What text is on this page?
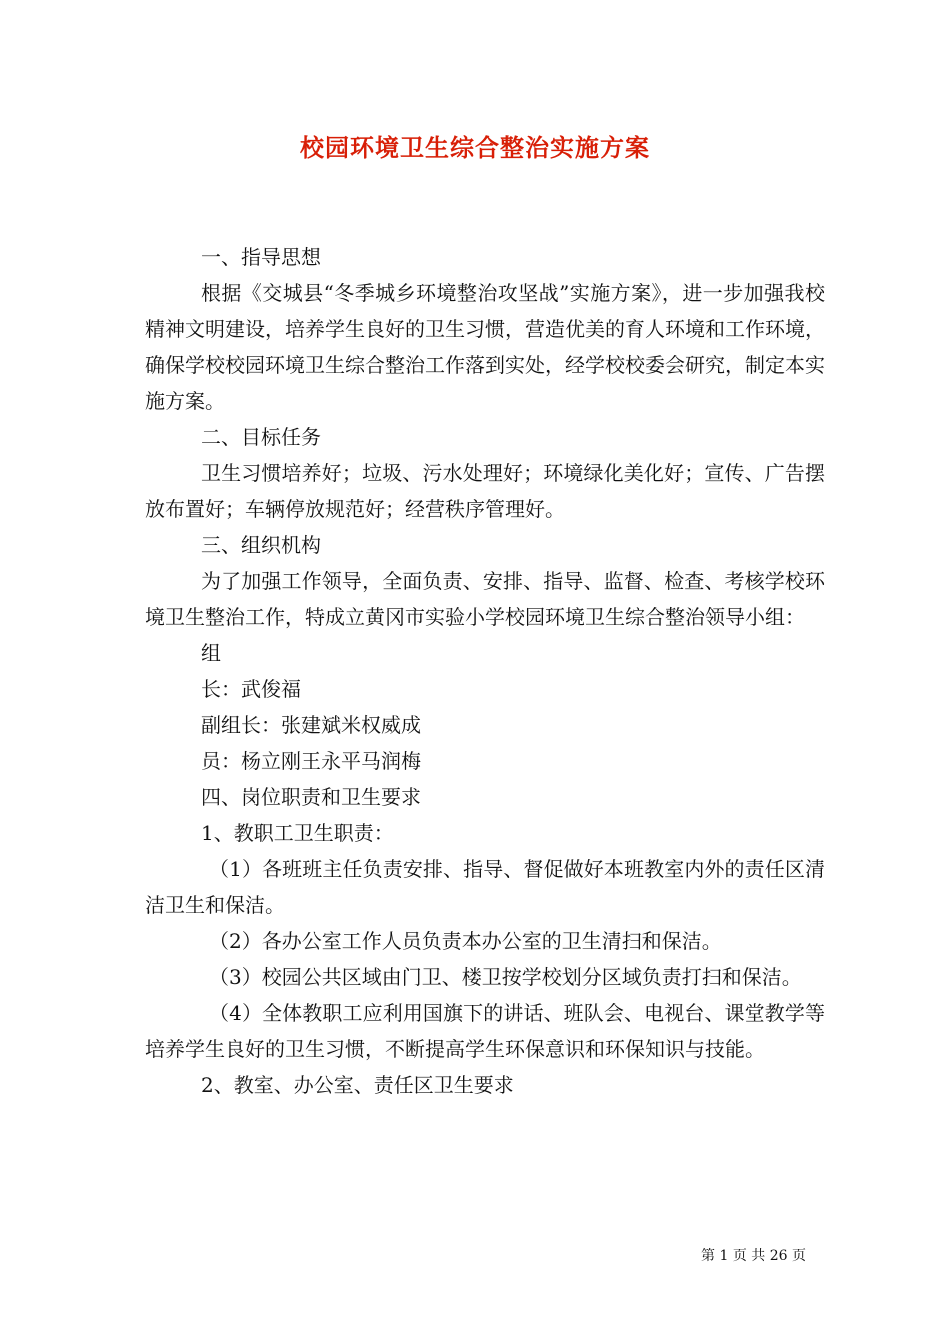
校园环境卫生综合整治实施方案

一、指导思想

根据《交城县“冬季城乡环境整治攻坚战”实施方案》，进一步加强我校精神文明建设，培养学生良好的卫生习惯，营造优美的育人环境和工作环境，确保学校校园环境卫生综合整治工作落到实处，经学校校委会研究，制定本实施方案。

二、目标任务

卫生习惯培养好；垃圾、污水处理好；环境绿化美化好；宣传、广告摆放布置好；车辆停放规范好；经营秩序管理好。

三、组织机构

为了加强工作领导，全面负责、安排、指导、监督、检查、考核学校环境卫生整治工作，特成立黄冈市实验小学校园环境卫生综合整治领导小组：

组

长：武俊福

副组长：张建斌米权威成

员：杨立刚王永平马润梅

四、岗位职责和卫生要求

1、教职工卫生职责：

（1）各班班主任负责安排、指导、督促做好本班教室内外的责任区清洁卫生和保洁。

（2）各办公室工作人员负责本办公室的卫生清扫和保洁。

（3）校园公共区域由门卫、楼卫按学校划分区域负责打扫和保洁。

（4）全体教职工应利用国旗下的讲话、班队会、电视台、课堂教学等培养学生良好的卫生习惯，不断提高学生环保意识和环保知识与技能。

2、教室、办公室、责任区卫生要求

第 1 页 共 26 页
